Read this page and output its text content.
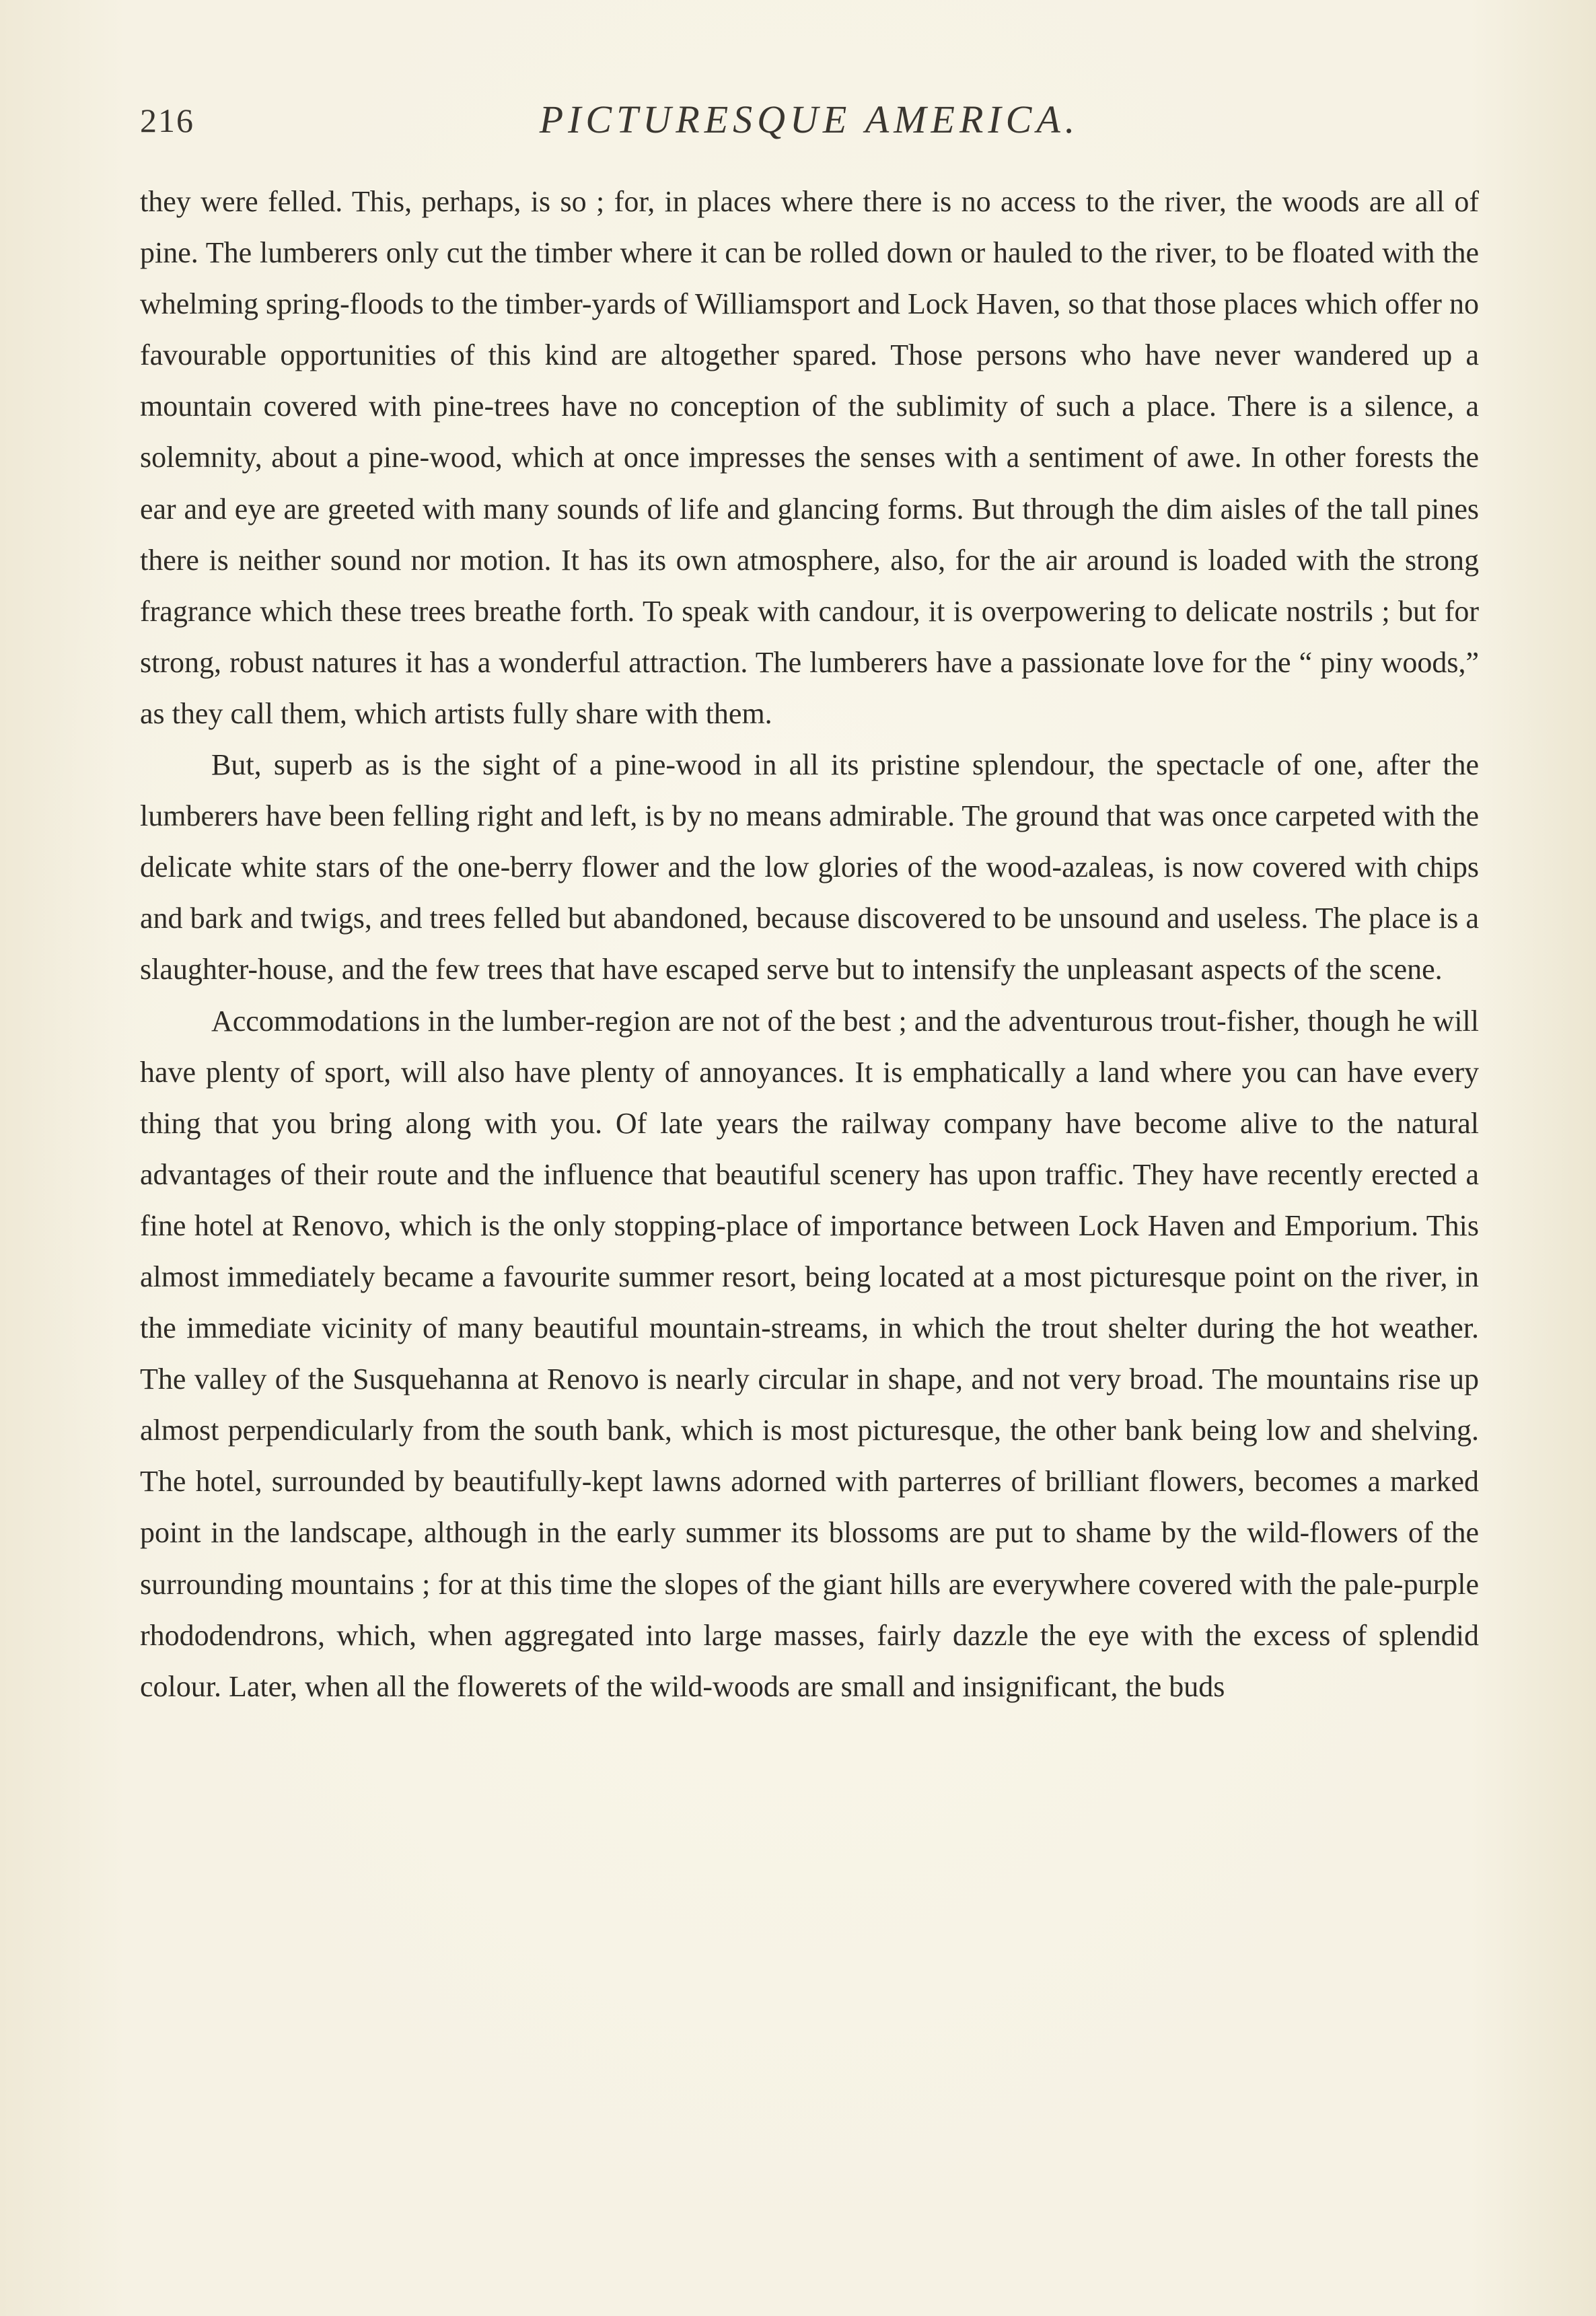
216	PICTURESQUE AMERICA.

they were felled. This, perhaps, is so ; for, in places where there is no access to the river, the woods are all of pine. The lumberers only cut the timber where it can be rolled down or hauled to the river, to be floated with the whelming spring-floods to the timber-yards of Williamsport and Lock Haven, so that those places which offer no favourable opportunities of this kind are altogether spared. Those persons who have never wandered up a mountain covered with pine-trees have no conception of the sublimity of such a place. There is a silence, a solemnity, about a pine-wood, which at once impresses the senses with a sentiment of awe. In other forests the ear and eye are greeted with many sounds of life and glancing forms. But through the dim aisles of the tall pines there is neither sound nor motion. It has its own atmosphere, also, for the air around is loaded with the strong fragrance which these trees breathe forth. To speak with candour, it is overpowering to delicate nostrils ; but for strong, robust natures it has a wonderful attraction. The lumberers have a passionate love for the “ piny woods,” as they call them, which artists fully share with them.

But, superb as is the sight of a pine-wood in all its pristine splendour, the spectacle of one, after the lumberers have been felling right and left, is by no means admirable. The ground that was once carpeted with the delicate white stars of the one-berry flower and the low glories of the wood-azaleas, is now covered with chips and bark and twigs, and trees felled but abandoned, because discovered to be unsound and useless. The place is a slaughter-house, and the few trees that have escaped serve but to intensify the unpleasant aspects of the scene.

Accommodations in the lumber-region are not of the best ; and the adventurous trout-fisher, though he will have plenty of sport, will also have plenty of annoyances. It is emphatically a land where you can have every thing that you bring along with you. Of late years the railway company have become alive to the natural advantages of their route and the influence that beautiful scenery has upon traffic. They have recently erected a fine hotel at Renovo, which is the only stopping-place of importance between Lock Haven and Emporium. This almost immediately became a favourite summer resort, being located at a most picturesque point on the river, in the immediate vicinity of many beautiful mountain-streams, in which the trout shelter during the hot weather. The valley of the Susquehanna at Renovo is nearly circular in shape, and not very broad. The mountains rise up almost perpendicularly from the south bank, which is most picturesque, the other bank being low and shelving. The hotel, surrounded by beautifully-kept lawns adorned with parterres of brilliant flowers, becomes a marked point in the landscape, although in the early summer its blossoms are put to shame by the wild-flowers of the surrounding mountains ; for at this time the slopes of the giant hills are everywhere covered with the pale-purple rhododendrons, which, when aggregated into large masses, fairly dazzle the eye with the excess of splendid colour. Later, when all the flowerets of the wild-woods are small and insignificant, the buds
